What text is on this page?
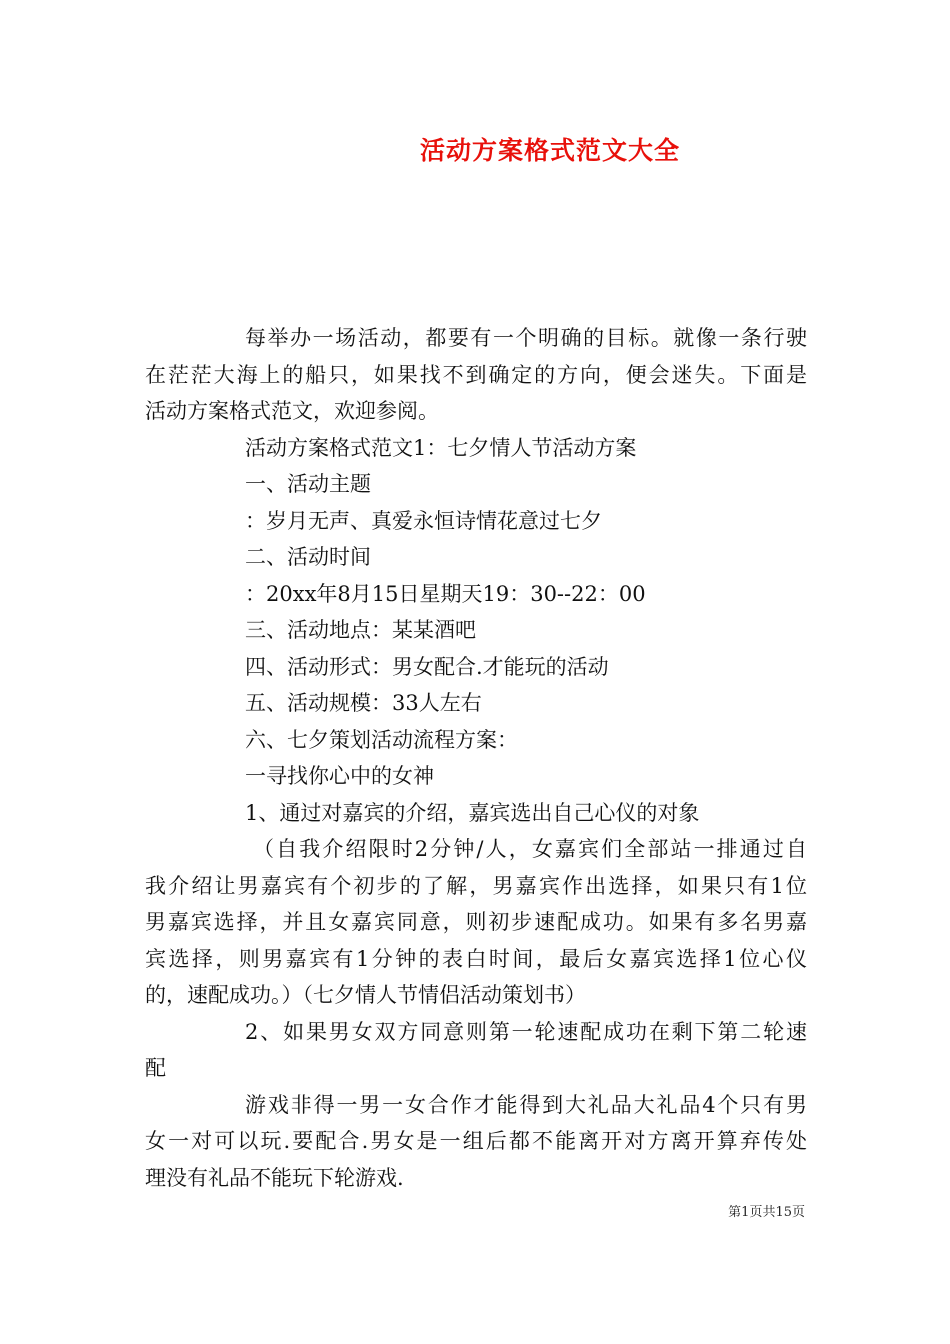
活动方案格式范文大全
每举办一场活动，都要有一个明确的目标。就像一条行驶
在茫茫大海上的船只，如果找不到确定的方向，便会迷失。下面是
活动方案格式范文，欢迎参阅。
活动方案格式范文1：七夕情人节活动方案
一、活动主题
：岁月无声、真爱永恒诗情花意过七夕
二、活动时间
：20xx年8月15日星期天19：30--22：00
三、活动地点：某某酒吧
四、活动形式：男女配合.才能玩的活动
五、活动规模：33人左右
六、七夕策划活动流程方案：
一寻找你心中的女神
1、通过对嘉宾的介绍，嘉宾选出自己心仪的对象
（自我介绍限时2分钟/人，女嘉宾们全部站一排通过自
我介绍让男嘉宾有个初步的了解，男嘉宾作出选择，如果只有1位
男嘉宾选择，并且女嘉宾同意，则初步速配成功。如果有多名男嘉
宾选择，则男嘉宾有1分钟的表白时间，最后女嘉宾选择1位心仪
的，速配成功。）（七夕情人节情侣活动策划书）
2、如果男女双方同意则第一轮速配成功在剩下第二轮速
配
游戏非得一男一女合作才能得到大礼品大礼品4个只有男
女一对可以玩.要配合.男女是一组后都不能离开对方离开算弃传处
理没有礼品不能玩下轮游戏.
第1页共15页
